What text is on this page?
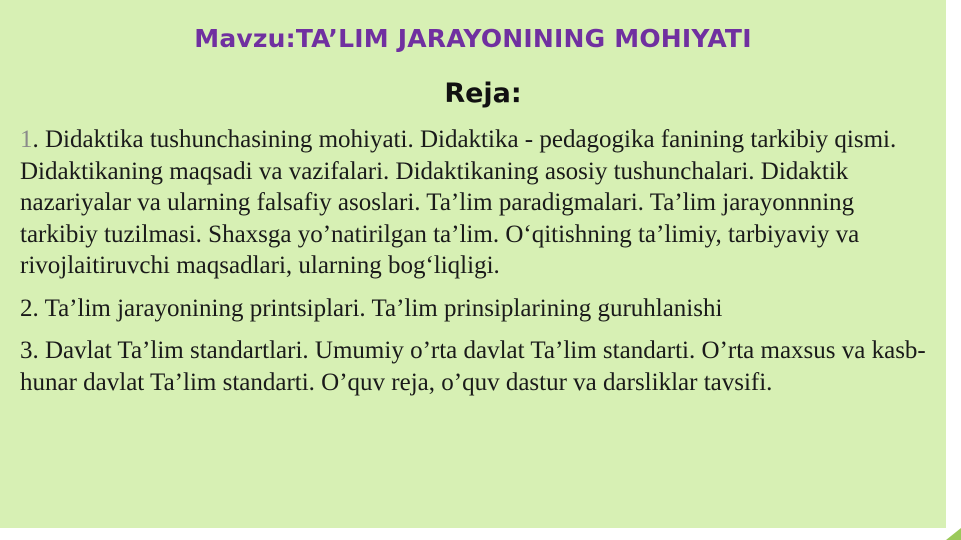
Mavzu:TA’LIM JARAYONINING MOHIYATI
Reja:
1. Didaktika tushunchasining mohiyati. Didaktika - pedagogika fanining tarkibiy qismi. Didaktikaning maqsadi va vazifalari. Didaktikaning asosiy tushunchalari. Didaktik nazariyalar va ularning falsafiy asoslari. Ta’lim paradigmalari. Ta’lim jarayonnning tarkibiy tuzilmasi. Shaxsga yo’natirilgan ta’lim. O‘qitishning ta’limiy, tarbiyaviy va rivojlaitiruvchi maqsadlari, ularning bog‘liqligi.
2. Ta’lim jarayonining printsiplari. Ta’lim prinsiplarining guruhlanishi
3. Davlat Ta’lim standartlari. Umumiy o’rta davlat Ta’lim standarti. O’rta maxsus va kasb-hunar davlat Ta’lim standarti. O’quv reja, o’quv dastur va darsliklar tavsifi.
